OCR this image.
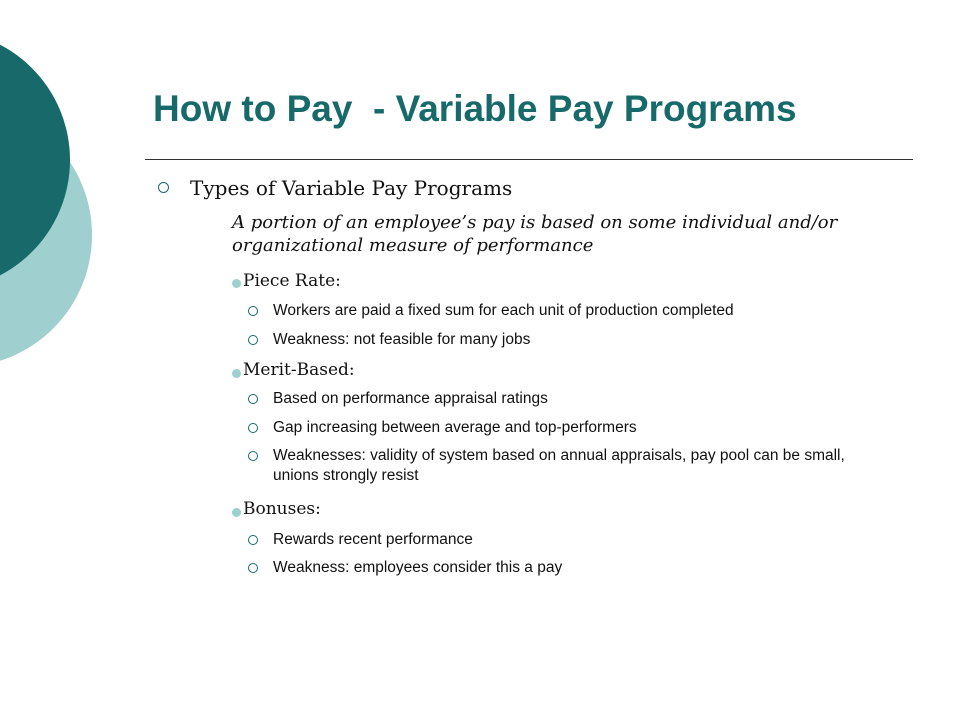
How to Pay  - Variable Pay Programs
Types of Variable Pay Programs
A portion of an employee’s pay is based on some individual and/or organizational measure of performance
Piece Rate:
Workers are paid a fixed sum for each unit of production completed
Weakness: not feasible for many jobs
Merit-Based:
Based on performance appraisal ratings
Gap increasing between average and top-performers
Weaknesses: validity of system based on annual appraisals, pay pool can be small, unions strongly resist
Bonuses:
Rewards recent performance
Weakness: employees consider this a pay
